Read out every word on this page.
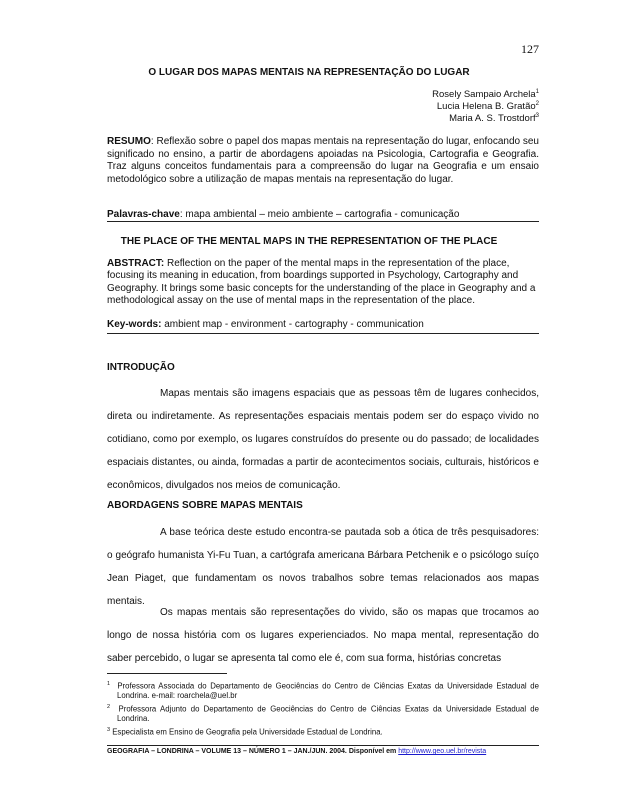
127
O LUGAR DOS MAPAS MENTAIS NA REPRESENTAÇÃO DO LUGAR
Rosely Sampaio Archela$^1$
Lucia Helena B. Gratão$^2$
Maria A. S. Trostdorf$^3$
RESUMO: Reflexão sobre o papel dos mapas mentais na representação do lugar, enfocando seu significado no ensino, a partir de abordagens apoiadas na Psicologia, Cartografia e Geografia. Traz alguns conceitos fundamentais para a compreensão do lugar na Geografia e um ensaio metodológico sobre a utilização de mapas mentais na representação do lugar.
Palavras-chave: mapa ambiental – meio ambiente – cartografia - comunicação
THE PLACE OF THE MENTAL MAPS IN THE REPRESENTATION OF THE PLACE
ABSTRACT: Reflection on the paper of the mental maps in the representation of the place, focusing its meaning in education, from boardings supported in Psychology, Cartography and Geography. It brings some basic concepts for the understanding of the place in Geography and a methodological assay on the use of mental maps in the representation of the place.
Key-words: ambient map - environment - cartography - communication
INTRODUÇÃO
Mapas mentais são imagens espaciais que as pessoas têm de lugares conhecidos, direta ou indiretamente. As representações espaciais mentais podem ser do espaço vivido no cotidiano, como por exemplo, os lugares construídos do presente ou do passado; de localidades espaciais distantes, ou ainda, formadas a partir de acontecimentos sociais, culturais, históricos e econômicos, divulgados nos meios de comunicação.
ABORDAGENS SOBRE MAPAS MENTAIS
A base teórica deste estudo encontra-se pautada sob a ótica de três pesquisadores: o geógrafo humanista Yi-Fu Tuan, a cartógrafa americana Bárbara Petchenik e o psicólogo suíço Jean Piaget, que fundamentam os novos trabalhos sobre temas relacionados aos mapas mentais.
Os mapas mentais são representações do vivido, são os mapas que trocamos ao longo de nossa história com os lugares experienciados. No mapa mental, representação do saber percebido, o lugar se apresenta tal como ele é, com sua forma, histórias concretas
$^1$ Professora Associada do Departamento de Geociências do Centro de Ciências Exatas da Universidade Estadual de Londrina. e-mail: roarchela@uel.br
$^2$ Professora Adjunto do Departamento de Geociências do Centro de Ciências Exatas da Universidade Estadual de Londrina.
$^3$ Especialista em Ensino de Geografia pela Universidade Estadual de Londrina.
GEOGRAFIA – LONDRINA – VOLUME 13 – NÚMERO 1 – JAN./JUN. 2004. Disponível em http://www.geo.uel.br/revista
